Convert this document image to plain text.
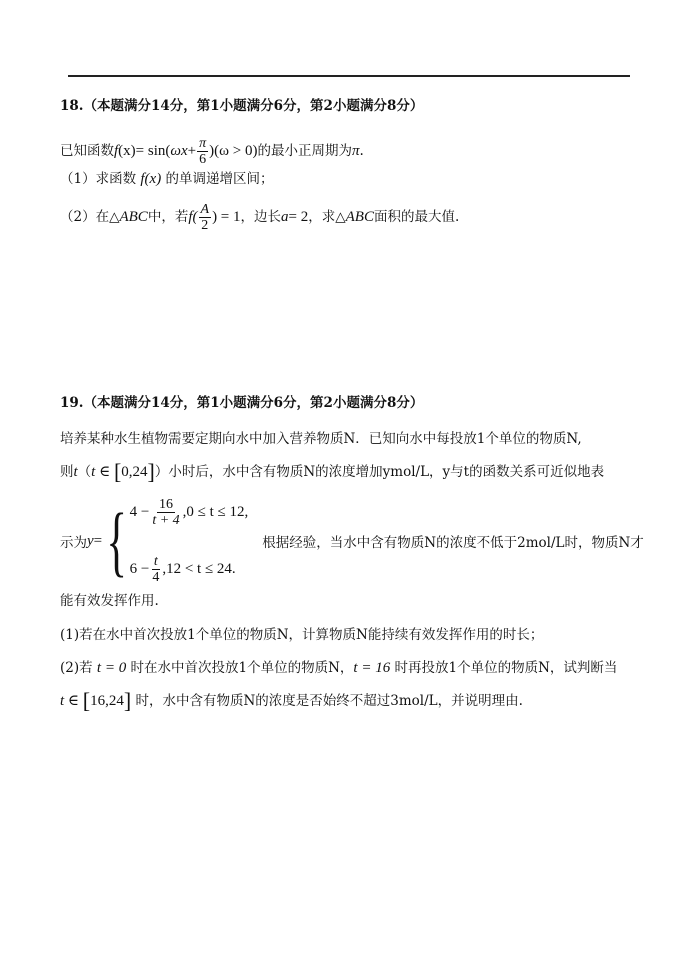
18.（本题满分14分，第1小题满分6分，第2小题满分8分）
已知函数 f (x) = sin( $\omega x + \frac{\pi}{6} )(\omega > 0)$ 的最小正周期为 π .
（1）求函数 f(x) 的单调递增区间；
（2）在△ ABC 中，若 $f( \frac{A}{2}$ ) = 1 ，边长 a = 2 ，求△ ABC 面积的最大值.
19.（本题满分14分，第1小题满分6分，第2小题满分8分）
培养某种水生植物需要定期向水中加入营养物质N．已知向水中每投放1个单位的物质N,
则t（t ∈ [0,24]）小时后，水中含有物质N的浓度增加ymol/L，y与t的函数关系可近似地表
示为 y = { $4 - \frac{16}{t + 4} ,0 \le t \le 12$,
$6 - \frac{t}{4} ,12 < t \le 24$.
根据经验，当水中含有物质N的浓度不低于2mol/L时，物质N才
能有效发挥作用.
(1)若在水中首次投放1个单位的物质N，计算物质N能持续有效发挥作用的时长；
(2)若 t = 0 时在水中首次投放1个单位的物质N，t = 16 时再投放1个单位的物质N，试判断当
t ∈ [16,24] 时，水中含有物质N的浓度是否始终不超过3mol/L，并说明理由.
